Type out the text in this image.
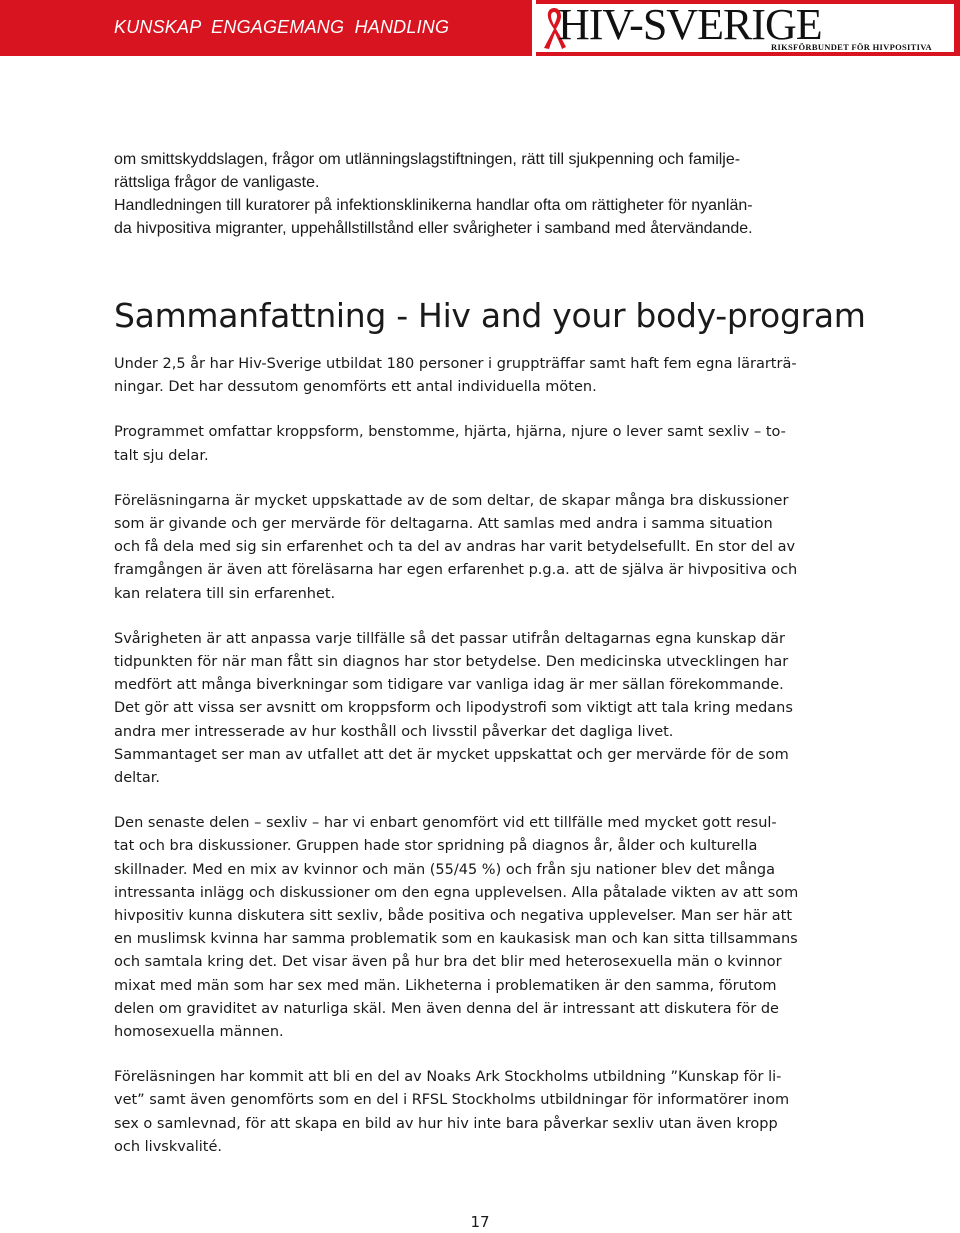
KUNSKAP  ENGAGEMANG  HANDLING HIV-SVERIGE
RIKSFÖRBUNDET FÖR HIVPOSITIVA

om smittskyddslagen, frågor om utlänningslagstiftningen, rätt till sjukpenning och familje-

rättsliga frågor de vanligaste.

Handledningen till kuratorer på infektionsklinikerna handlar ofta om rättigheter för nyanlän-

da hivpositiva migranter, uppehållstillstånd eller svårigheter i samband med återvändande.

Sammanfattning - Hiv and your body-program

Under 2,5 år har Hiv-Sverige utbildat 180 personer i gruppträffar samt haft fem egna lärarträ-
ningar. Det har dessutom genomförts ett antal individuella möten.

Programmet omfattar kroppsform, benstomme, hjärta, hjärna, njure o lever samt sexliv – to-
talt sju delar.

Föreläsningarna är mycket uppskattade av de som deltar, de skapar många bra diskussioner
som är givande och ger mervärde för deltagarna. Att samlas med andra i samma situation
och få dela med sig sin erfarenhet och ta del av andras har varit betydelsefullt. En stor del av
framgången är även att föreläsarna har egen erfarenhet p.g.a. att de själva är hivpositiva och
kan relatera till sin erfarenhet.

Svårigheten är att anpassa varje tillfälle så det passar utifrån deltagarnas egna kunskap där
tidpunkten för när man fått sin diagnos har stor betydelse. Den medicinska utvecklingen har
medfört att många biverkningar som tidigare var vanliga idag är mer sällan förekommande.
Det gör att vissa ser avsnitt om kroppsform och lipodystrofi som viktigt att tala kring medans
andra mer intresserade av hur kosthåll och livsstil påverkar det dagliga livet.
Sammantaget ser man av utfallet att det är mycket uppskattat och ger mervärde för de som
deltar.

Den senaste delen – sexliv – har vi enbart genomfört vid ett tillfälle med mycket gott resul-
tat och bra diskussioner. Gruppen hade stor spridning på diagnos år, ålder och kulturella
skillnader. Med en mix av kvinnor och män (55/45 %) och från sju nationer blev det många
intressanta inlägg och diskussioner om den egna upplevelsen. Alla påtalade vikten av att som
hivpositiv kunna diskutera sitt sexliv, både positiva och negativa upplevelser. Man ser här att
en muslimsk kvinna har samma problematik som en kaukasisk man och kan sitta tillsammans
och samtala kring det. Det visar även på hur bra det blir med heterosexuella män o kvinnor
mixat med män som har sex med män. Likheterna i problematiken är den samma, förutom
delen om graviditet av naturliga skäl. Men även denna del är intressant att diskutera för de
homosexuella männen.

Föreläsningen har kommit att bli en del av Noaks Ark Stockholms utbildning ”Kunskap för li-
vet” samt även genomförts som en del i RFSL Stockholms utbildningar för informatörer inom
sex o samlevnad, för att skapa en bild av hur hiv inte bara påverkar sexliv utan även kropp
och livskvalité.

17
